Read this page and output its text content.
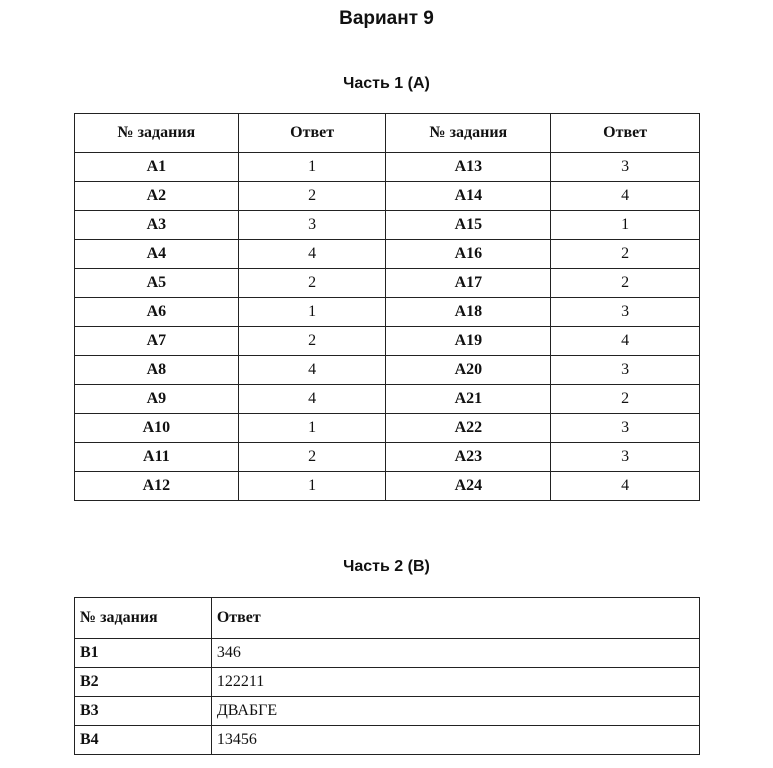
Вариант 9
Часть 1 (А)
№ задания	Ответ	№ задания	Ответ
А1	1	А13	3
А2	2	А14	4
А3	3	А15	1
А4	4	А16	2
А5	2	А17	2
А6	1	А18	3
А7	2	А19	4
А8	4	А20	3
А9	4	А21	2
А10	1	А22	3
А11	2	А23	3
А12	1	А24	4
Часть 2 (В)
№ задания	Ответ
В1	346
В2	122211
В3	ДВАБГЕ
В4	13456
